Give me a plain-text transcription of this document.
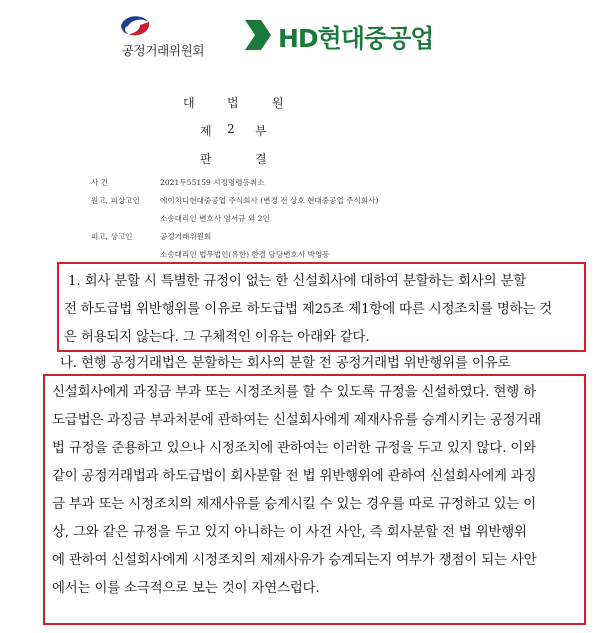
공정거래위원회	HD현대중공업
대	법	원
제 2 부
판	결
사 건	2021두55159 시정명령등취소
원고, 피상고인	에이치디현대중공업 주식회사 (변경 전 상호 현대중공업 주식회사)
소송대리인 변호사 임서규 외 2인
피고, 상고인	공정거래위원회
소송대리인 법무법인(유한) 한결 담당변호사 박영동
1. 회사 분할 시 특별한 규정이 없는 한 신설회사에 대하여 분할하는 회사의 분할
전 하도급법 위반행위를 이유로 하도급법 제25조 제1항에 따른 시정조치를 명하는 것
은 허용되지 않는다. 그 구체적인 이유는 아래와 같다.
나. 현행 공정거래법은 분할하는 회사의 분할 전 공정거래법 위반행위를 이유로
신설회사에게 과징금 부과 또는 시정조치를 할 수 있도록 규정을 신설하였다. 현행 하
도급법은 과징금 부과처분에 관하여는 신설회사에게 제재사유를 승계시키는 공정거래
법 규정을 준용하고 있으나 시정조치에 관하여는 이러한 규정을 두고 있지 않다. 이와
같이 공정거래법과 하도급법이 회사분할 전 법 위반행위에 관하여 신설회사에게 과징
금 부과 또는 시정조치의 제재사유를 승계시킬 수 있는 경우를 따로 규정하고 있는 이
상, 그와 같은 규정을 두고 있지 아니하는 이 사건 사안, 즉 회사분할 전 법 위반행위
에 관하여 신설회사에게 시정조치의 제재사유가 승계되는지 여부가 쟁점이 되는 사안
에서는 이를 소극적으로 보는 것이 자연스럽다.
